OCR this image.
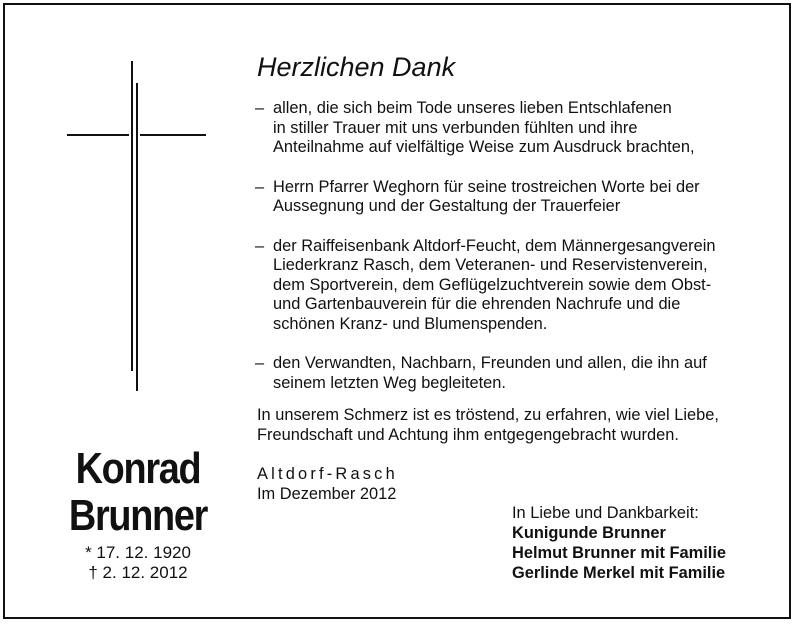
Konrad
Brunner
* 17. 12. 1920
† 2. 12. 2012
Herzlichen Dank
– allen, die sich beim Tode unseres lieben Entschlafenen
in stiller Trauer mit uns verbunden fühlten und ihre
Anteilnahme auf vielfältige Weise zum Ausdruck brachten,
– Herrn Pfarrer Weghorn für seine trostreichen Worte bei der
Aussegnung und der Gestaltung der Trauerfeier
– der Raiffeisenbank Altdorf-Feucht, dem Männergesangverein
Liederkranz Rasch, dem Veteranen- und Reservistenverein,
dem Sportverein, dem Geflügelzuchtverein sowie dem Obst-
und Gartenbauverein für die ehrenden Nachrufe und die
schönen Kranz- und Blumenspenden.
– den Verwandten, Nachbarn, Freunden und allen, die ihn auf
seinem letzten Weg begleiteten.
In unserem Schmerz ist es tröstend, zu erfahren, wie viel Liebe,
Freundschaft und Achtung ihm entgegengebracht wurden.
Altdorf-Rasch
Im Dezember 2012
In Liebe und Dankbarkeit:
Kunigunde Brunner
Helmut Brunner mit Familie
Gerlinde Merkel mit Familie
